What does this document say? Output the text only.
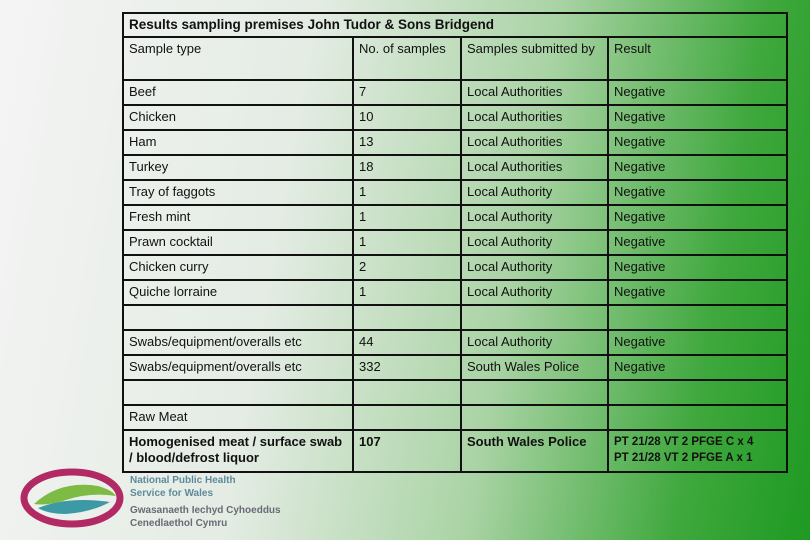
Results sampling premises John Tudor & Sons Bridgend			
Sample type	No. of samples	Samples submitted by	Result
Beef	7	Local Authorities	Negative
Chicken	10	Local Authorities	Negative
Ham	13	Local Authorities	Negative
Turkey	18	Local Authorities	Negative
Tray of faggots	1	Local Authority	Negative
Fresh mint	1	Local Authority	Negative
Prawn cocktail	1	Local Authority	Negative
Chicken curry	2	Local Authority	Negative
Quiche lorraine	1	Local Authority	Negative

Swabs/equipment/overalls etc	44	Local Authority	Negative
Swabs/equipment/overalls etc	332	South Wales Police	Negative

Raw Meat			
Homogenised meat / surface swab / blood/defrost liquor	107	South Wales Police	PT 21/28 VT 2 PFGE C x 4
PT 21/28 VT 2 PFGE A x 1
National Public Health
Service for Wales
Gwasanaeth Iechyd Cyhoeddus
Cenedlaethol Cymru
